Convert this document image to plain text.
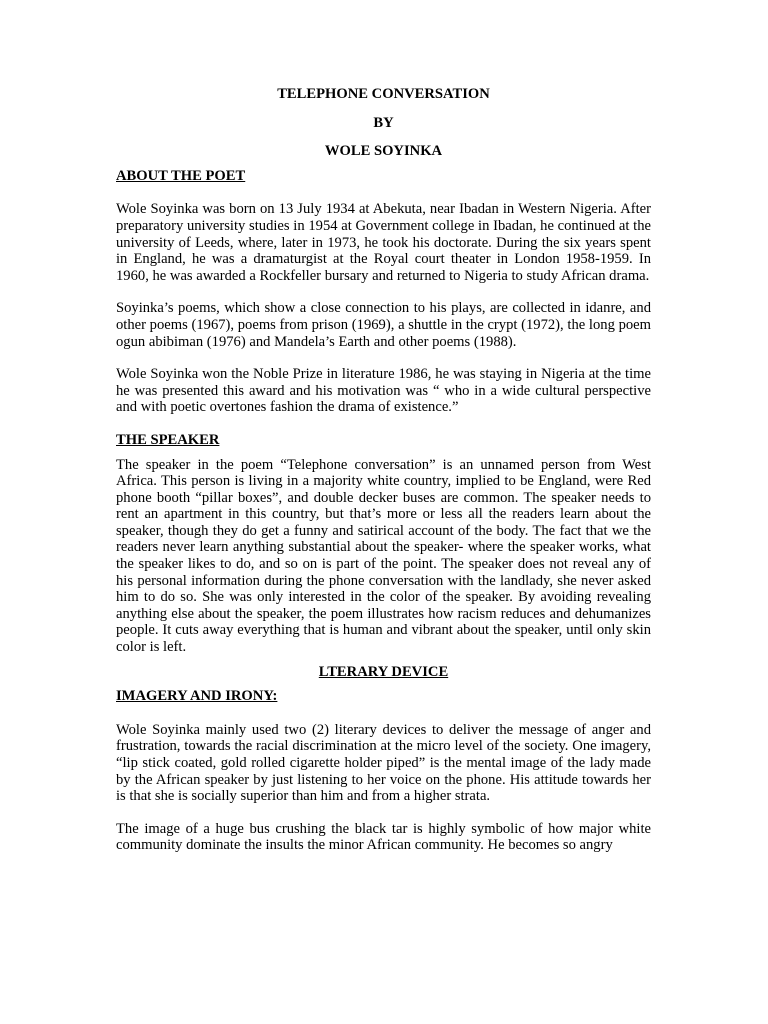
TELEPHONE CONVERSATION

BY

WOLE SOYINKA

ABOUT THE POET

Wole Soyinka was born on 13 July 1934 at Abekuta, near Ibadan in Western Nigeria. After preparatory university studies in 1954 at Government college in Ibadan, he continued at the university of Leeds, where, later in 1973, he took his doctorate. During the six years spent in England, he was a dramaturgist at the Royal court theater in London 1958-1959. In 1960, he was awarded a Rockfeller bursary and returned to Nigeria to study African drama.

Soyinka’s poems, which show a close connection to his plays, are collected in idanre, and other poems (1967), poems from prison (1969), a shuttle in the crypt (1972), the long poem ogun abibiman (1976) and Mandela’s Earth and other poems (1988).

Wole Soyinka won the Noble Prize in literature 1986, he was staying in Nigeria at the time he was presented this award and his motivation was “ who in a wide cultural perspective and with poetic overtones fashion the drama of existence.”

THE SPEAKER

The speaker in the poem “Telephone conversation” is an unnamed person from West Africa. This person is living in a majority white country, implied to be England, were Red phone booth “pillar boxes”, and double decker buses are common. The speaker needs to rent an apartment in this country, but that’s more or less all the readers learn about the speaker, though they do get a funny and satirical account of the body. The fact that we the readers never learn anything substantial about the speaker- where the speaker works, what the speaker likes to do, and so on is part of the point. The speaker does not reveal any of his personal information during the phone conversation with the landlady, she never asked him to do so. She was only interested in the color of the speaker. By avoiding revealing anything else about the speaker, the poem illustrates how racism reduces and dehumanizes people. It cuts away everything that is human and vibrant about the speaker, until only skin color is left.

LTERARY DEVICE

IMAGERY AND IRONY:

Wole Soyinka mainly used two (2) literary devices to deliver the message of anger and frustration, towards the racial discrimination at the micro level of the society. One imagery, “lip stick coated, gold rolled cigarette holder piped” is the mental image of the lady made by the African speaker by just listening to her voice on the phone. His attitude towards her is that she is socially superior than him and from a higher strata.

The image of a huge bus crushing the black tar is highly symbolic of how major white community dominate the insults the minor African community. He becomes so angry
